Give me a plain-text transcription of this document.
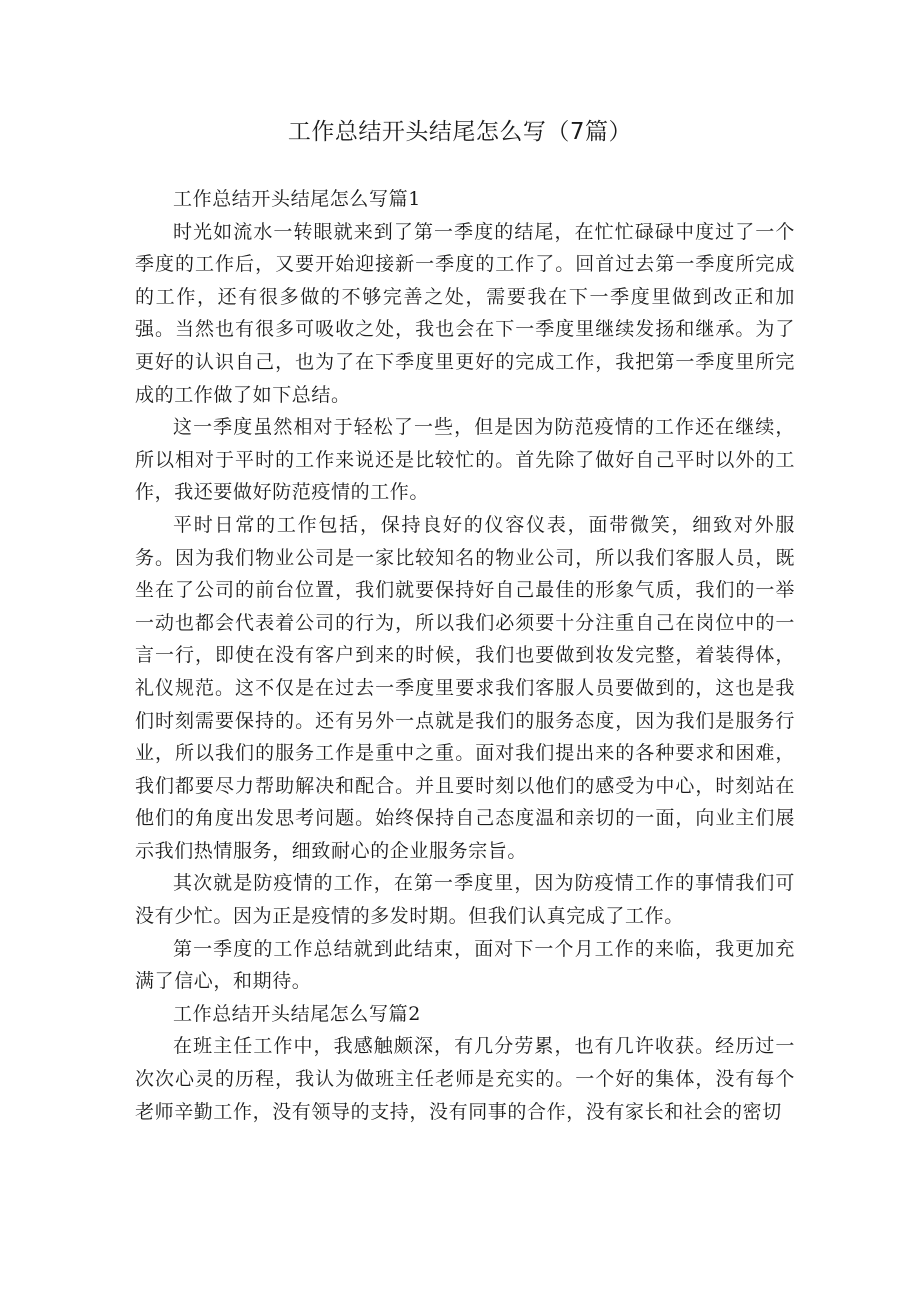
工作总结开头结尾怎么写（7篇）

工作总结开头结尾怎么写篇1

时光如流水一转眼就来到了第一季度的结尾，在忙忙碌碌中度过了一个季度的工作后，又要开始迎接新一季度的工作了。回首过去第一季度所完成的工作，还有很多做的不够完善之处，需要我在下一季度里做到改正和加强。当然也有很多可吸收之处，我也会在下一季度里继续发扬和继承。为了更好的认识自己，也为了在下季度里更好的完成工作，我把第一季度里所完成的工作做了如下总结。

这一季度虽然相对于轻松了一些，但是因为防范疫情的工作还在继续，所以相对于平时的工作来说还是比较忙的。首先除了做好自己平时以外的工作，我还要做好防范疫情的工作。

平时日常的工作包括，保持良好的仪容仪表，面带微笑，细致对外服务。因为我们物业公司是一家比较知名的物业公司，所以我们客服人员，既坐在了公司的前台位置，我们就要保持好自己最佳的形象气质，我们的一举一动也都会代表着公司的行为，所以我们必须要十分注重自己在岗位中的一言一行，即使在没有客户到来的时候，我们也要做到妆发完整，着装得体，礼仪规范。这不仅是在过去一季度里要求我们客服人员要做到的，这也是我们时刻需要保持的。还有另外一点就是我们的服务态度，因为我们是服务行业，所以我们的服务工作是重中之重。面对我们提出来的各种要求和困难，我们都要尽力帮助解决和配合。并且要时刻以他们的感受为中心，时刻站在他们的角度出发思考问题。始终保持自己态度温和亲切的一面，向业主们展示我们热情服务，细致耐心的企业服务宗旨。

其次就是防疫情的工作，在第一季度里，因为防疫情工作的事情我们可没有少忙。因为正是疫情的多发时期。但我们认真完成了工作。

第一季度的工作总结就到此结束，面对下一个月工作的来临，我更加充满了信心，和期待。

工作总结开头结尾怎么写篇2

在班主任工作中，我感触颇深，有几分劳累，也有几许收获。经历过一次次心灵的历程，我认为做班主任老师是充实的。一个好的集体，没有每个老师辛勤工作，没有领导的支持，没有同事的合作，没有家长和社会的密切
